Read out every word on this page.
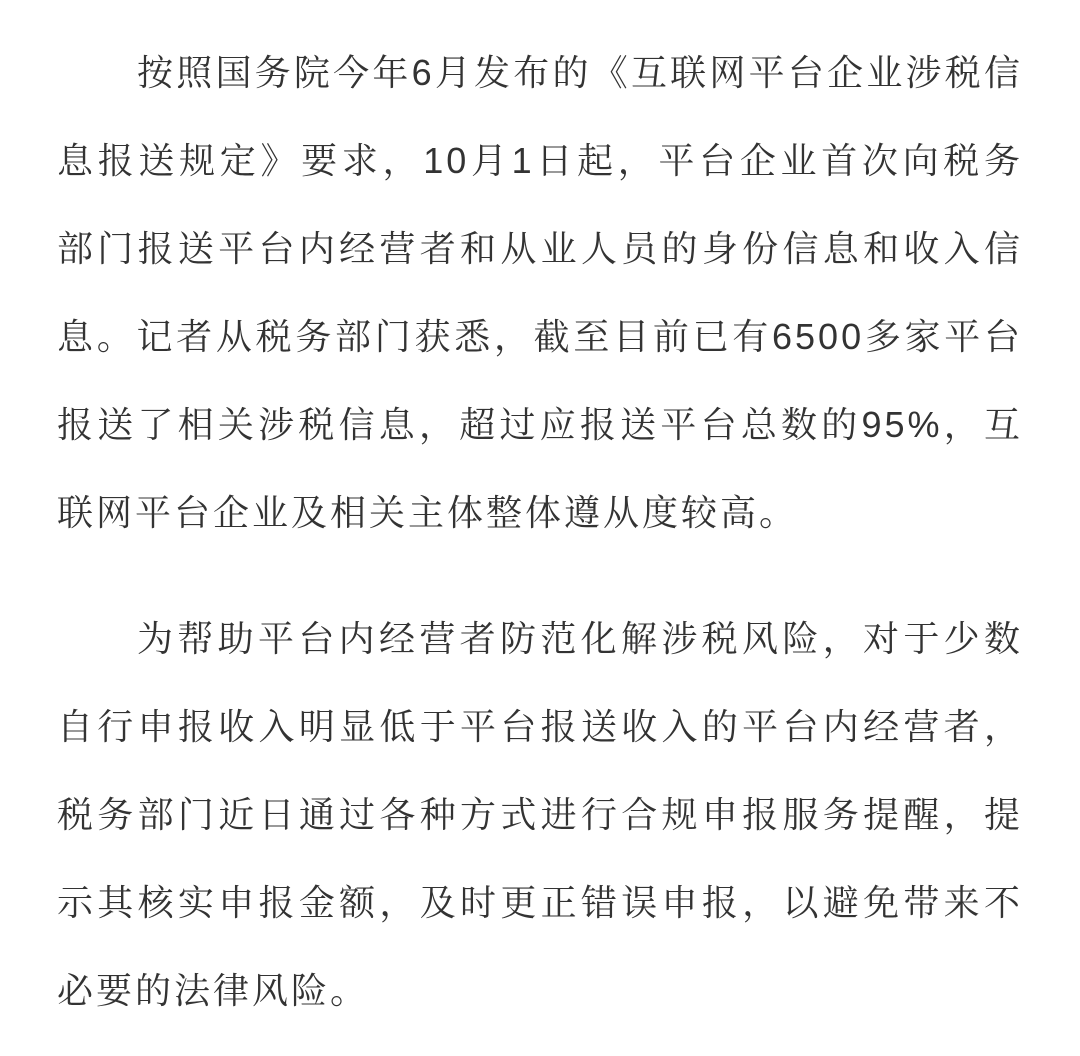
按照国务院今年6月发布的《互联网平台企业涉税信息报送规定》要求，10月1日起，平台企业首次向税务部门报送平台内经营者和从业人员的身份信息和收入信息。记者从税务部门获悉，截至目前已有6500多家平台报送了相关涉税信息，超过应报送平台总数的95%，互联网平台企业及相关主体整体遵从度较高。

为帮助平台内经营者防范化解涉税风险，对于少数自行申报收入明显低于平台报送收入的平台内经营者，税务部门近日通过各种方式进行合规申报服务提醒，提示其核实申报金额，及时更正错误申报，以避免带来不必要的法律风险。
